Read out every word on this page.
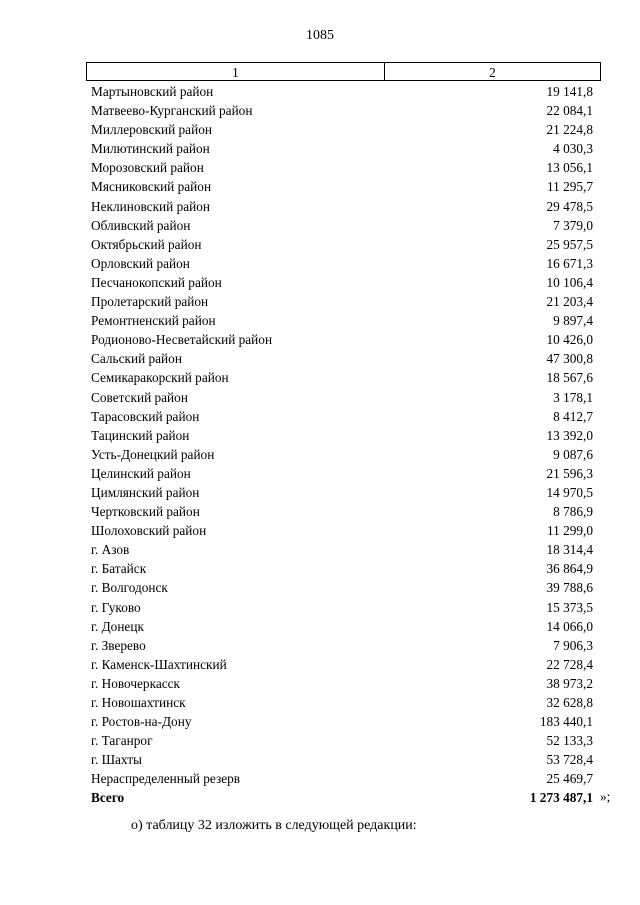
1085
1	2
Мартыновский район	19 141,8
Матвеево-Курганский район	22 084,1
Миллеровский район	21 224,8
Милютинский район	4 030,3
Морозовский район	13 056,1
Мясниковский район	11 295,7
Неклиновский район	29 478,5
Обливский район	7 379,0
Октябрьский район	25 957,5
Орловский район	16 671,3
Песчанокопский район	10 106,4
Пролетарский район	21 203,4
Ремонтненский район	9 897,4
Родионово-Несветайский район	10 426,0
Сальский район	47 300,8
Семикаракорский район	18 567,6
Советский район	3 178,1
Тарасовский район	8 412,7
Тацинский район	13 392,0
Усть-Донецкий район	9 087,6
Целинский район	21 596,3
Цимлянский район	14 970,5
Чертковский район	8 786,9
Шолоховский район	11 299,0
г. Азов	18 314,4
г. Батайск	36 864,9
г. Волгодонск	39 788,6
г. Гуково	15 373,5
г. Донецк	14 066,0
г. Зверево	7 906,3
г. Каменск-Шахтинский	22 728,4
г. Новочеркасск	38 973,2
г. Новошахтинск	32 628,8
г. Ростов-на-Дону	183 440,1
г. Таганрог	52 133,3
г. Шахты	53 728,4
Нераспределенный резерв	25 469,7
Всего	1 273 487,1 »;
о) таблицу 32 изложить в следующей редакции:
